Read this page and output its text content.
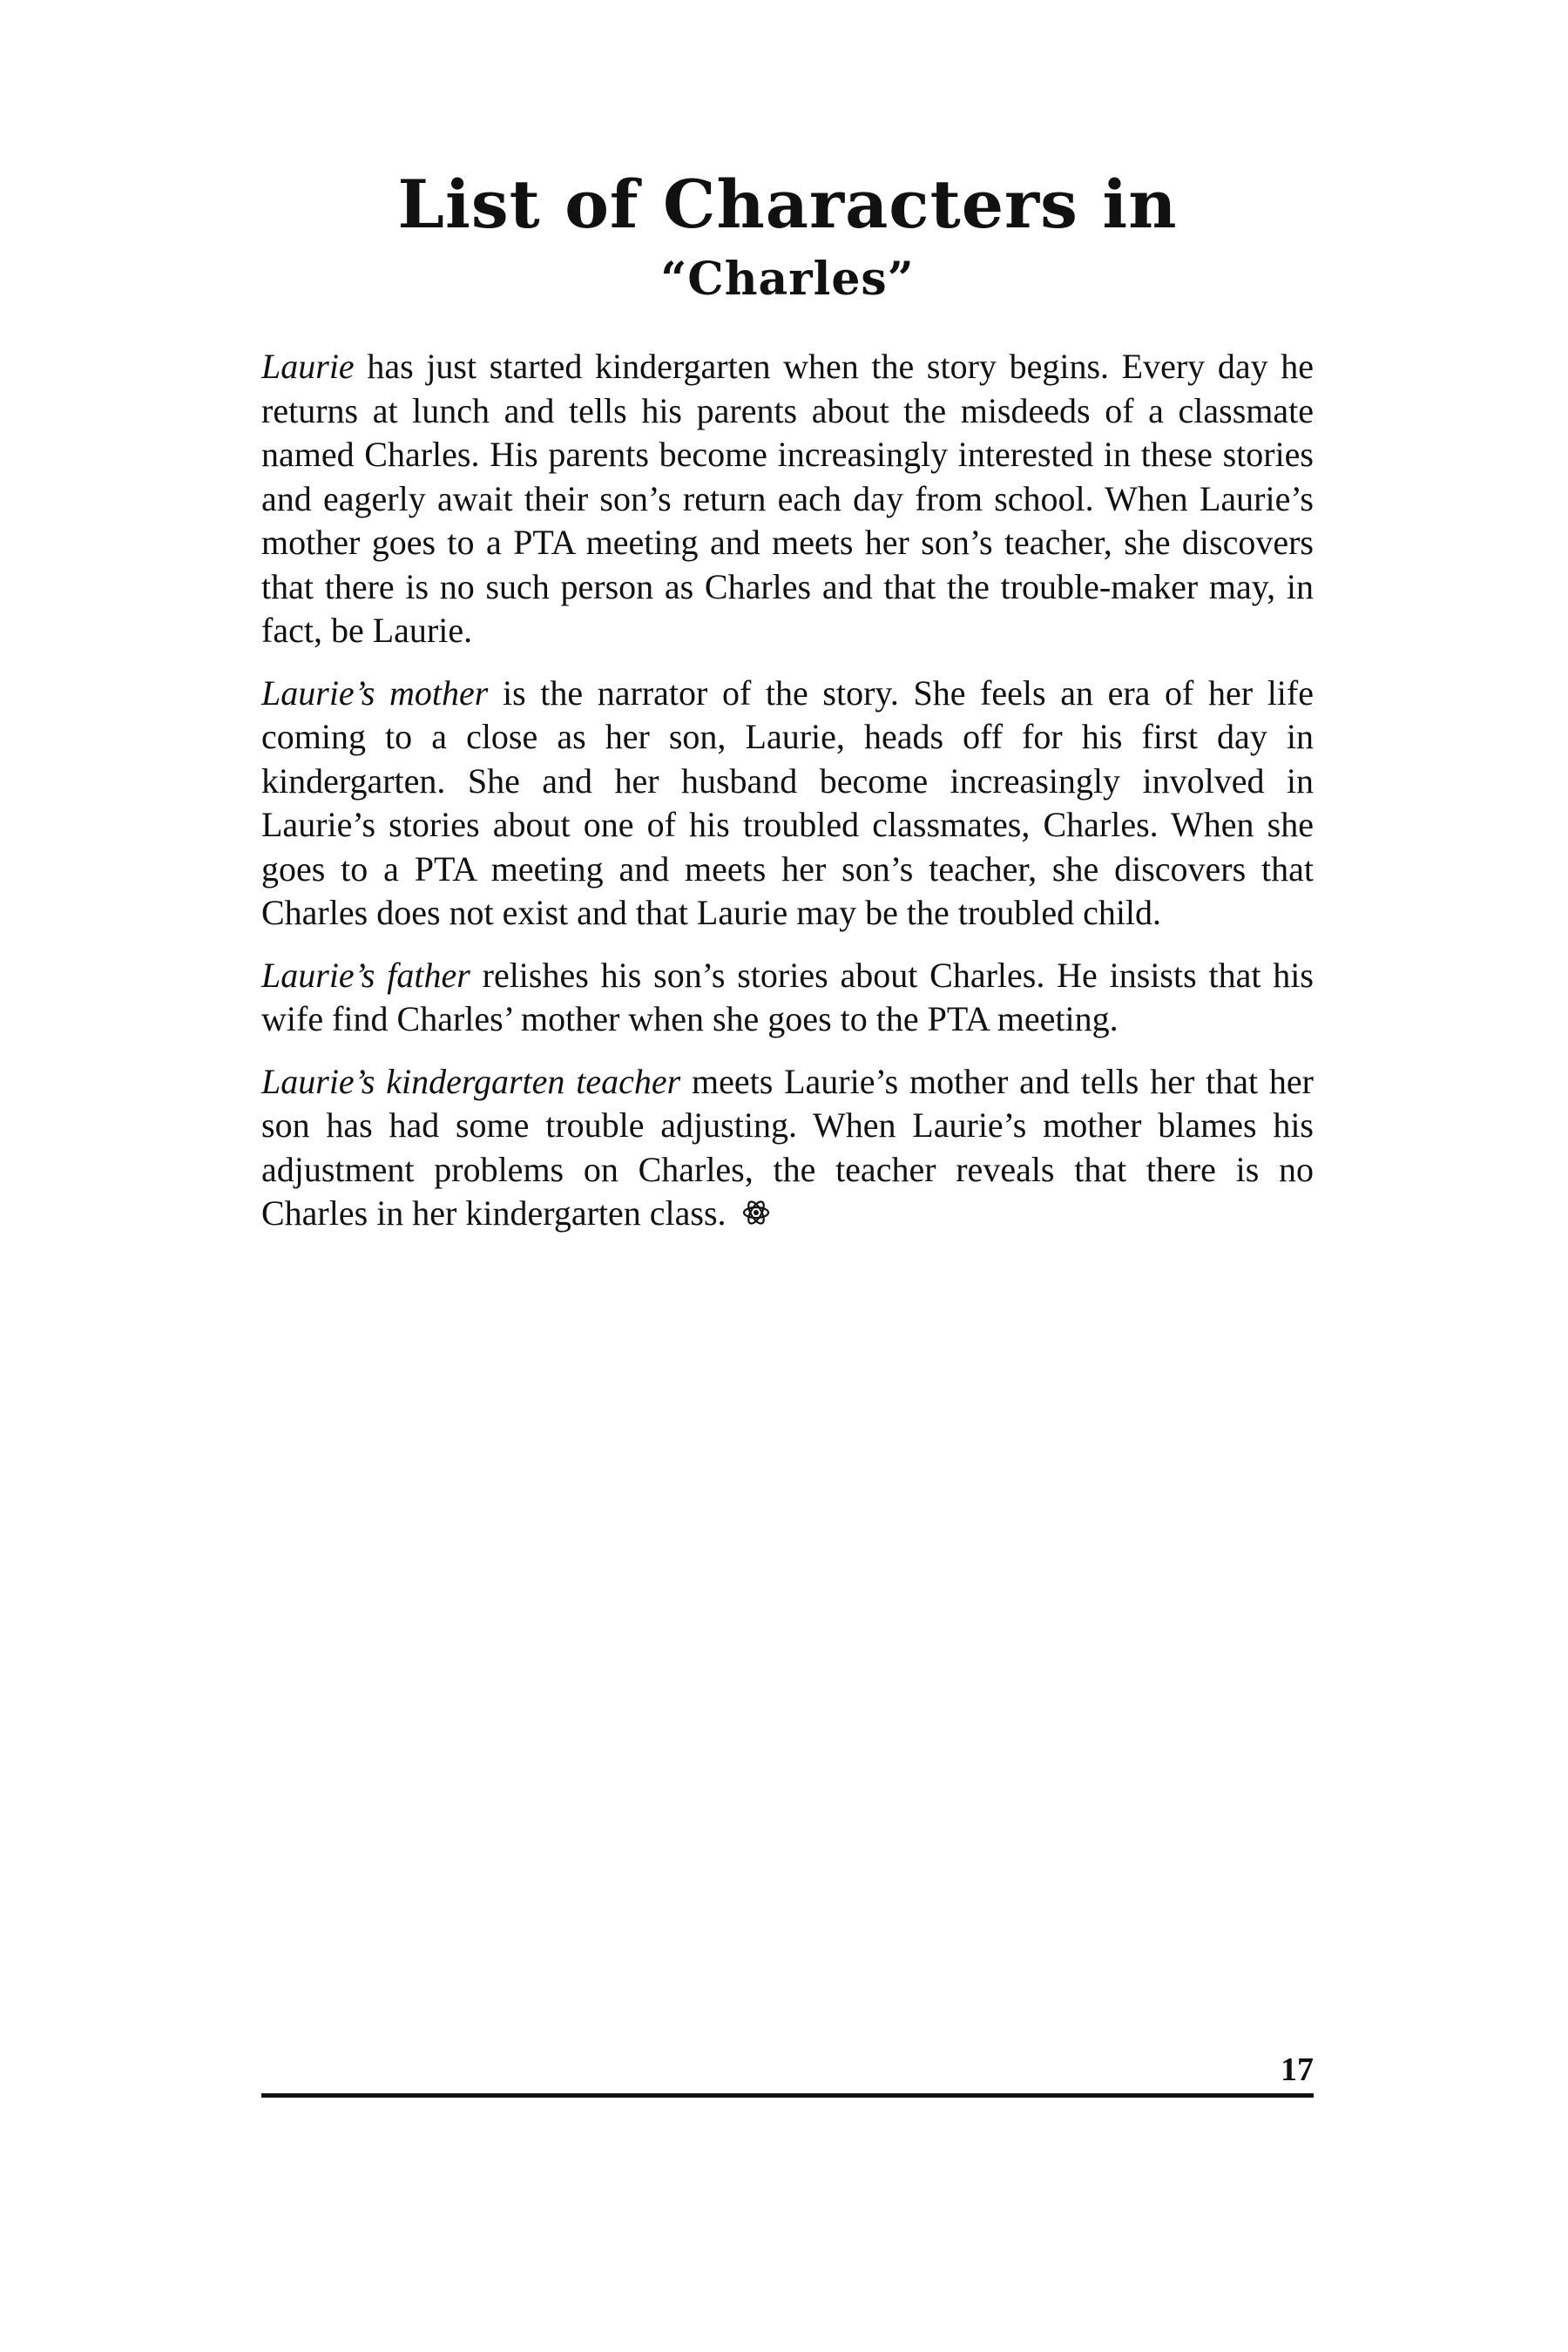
List of Characters in
“Charles”

Laurie has just started kindergarten when the story begins. Every day he returns at lunch and tells his parents about the misdeeds of a classmate named Charles. His parents become increasingly interested in these stories and eagerly await their son’s return each day from school. When Laurie’s mother goes to a PTA meeting and meets her son’s teacher, she discovers that there is no such person as Charles and that the trouble-maker may, in fact, be Laurie.

Laurie’s mother is the narrator of the story. She feels an era of her life coming to a close as her son, Laurie, heads off for his first day in kindergarten. She and her husband become increasingly involved in Laurie’s stories about one of his troubled classmates, Charles. When she goes to a PTA meeting and meets her son’s teacher, she discovers that Charles does not exist and that Laurie may be the troubled child.

Laurie’s father relishes his son’s stories about Charles. He insists that his wife find Charles’ mother when she goes to the PTA meeting.

Laurie’s kindergarten teacher meets Laurie’s mother and tells her that her son has had some trouble adjusting. When Laurie’s mother blames his adjustment problems on Charles, the teacher reveals that there is no Charles in her kindergarten class.

17
